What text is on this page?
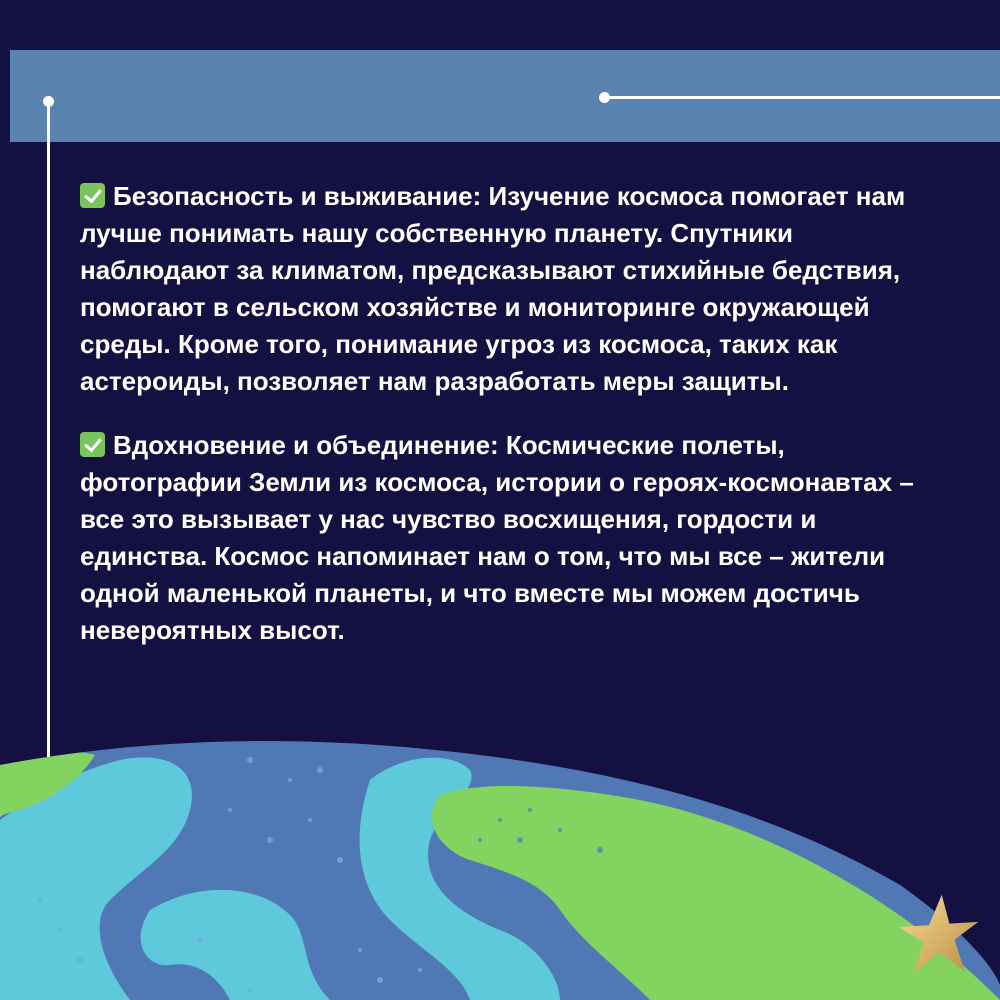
Безопасность и выживание: Изучение космоса помогает нам лучше понимать нашу собственную планету. Спутники наблюдают за климатом, предсказывают стихийные бедствия, помогают в сельском хозяйстве и мониторинге окружающей среды. Кроме того, понимание угроз из космоса, таких как астероиды, позволяет нам разработать меры защиты.

Вдохновение и объединение: Космические полеты, фотографии Земли из космоса, истории о героях-космонавтах – все это вызывает у нас чувство восхищения, гордости и единства. Космос напоминает нам о том, что мы все – жители одной маленькой планеты, и что вместе мы можем достичь невероятных высот.
